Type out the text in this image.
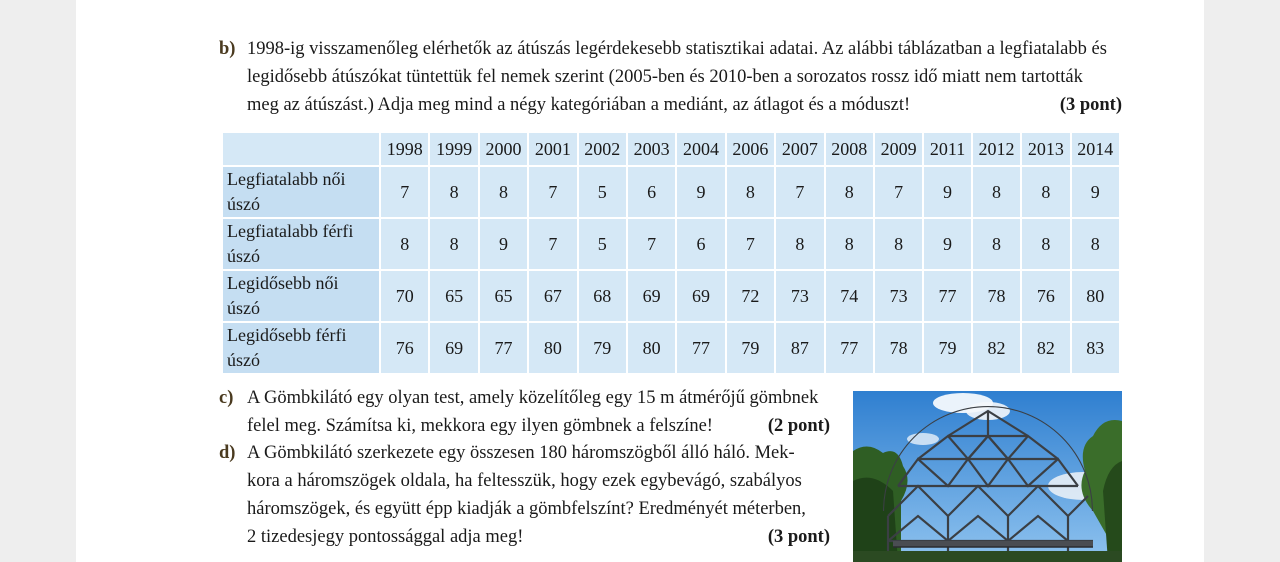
b) 1998-ig visszamenőleg elérhetők az átúszás legérdekesebb statisztikai adatai. Az alábbi táblázatban a legfiatalabb és
legidősebb átúszókat tüntettük fel nemek szerint (2005-ben és 2010-ben a sorozatos rossz idő miatt nem tartották
meg az átúszást.) Adja meg mind a négy kategóriában a mediánt, az átlagot és a móduszt!	(3 pont)
	1998	1999	2000	2001	2002	2003	2004	2006	2007	2008	2009	2011	2012	2013	2014

Legfiatalabb női
úszó	7	8	8	7	5	6	9	8	7	8	7	9	8	8	9

Legfiatalabb férfi
úszó	8	8	9	7	5	7	6	7	8	8	8	9	8	8	8

Legidősebb női
úszó	70	65	65	67	68	69	69	72	73	74	73	77	78	76	80

Legidősebb férfi
úszó	76	69	77	80	79	80	77	79	87	77	78	79	82	82	83
c) A Gömbkilátó egy olyan test, amely közelítőleg egy 15 m átmérőjű gömbnek
felel meg. Számítsa ki, mekkora egy ilyen gömbnek a felszíne!	(2 pont)
d) A Gömbkilátó szerkezete egy összesen 180 háromszögből álló háló. Mek-
kora a háromszögek oldala, ha feltesszük, hogy ezek egybevágó, szabályos
háromszögek, és együtt épp kiadják a gömbfelszínt? Eredményét méterben,
2 tizedesjegy pontossággal adja meg!	(3 pont)
